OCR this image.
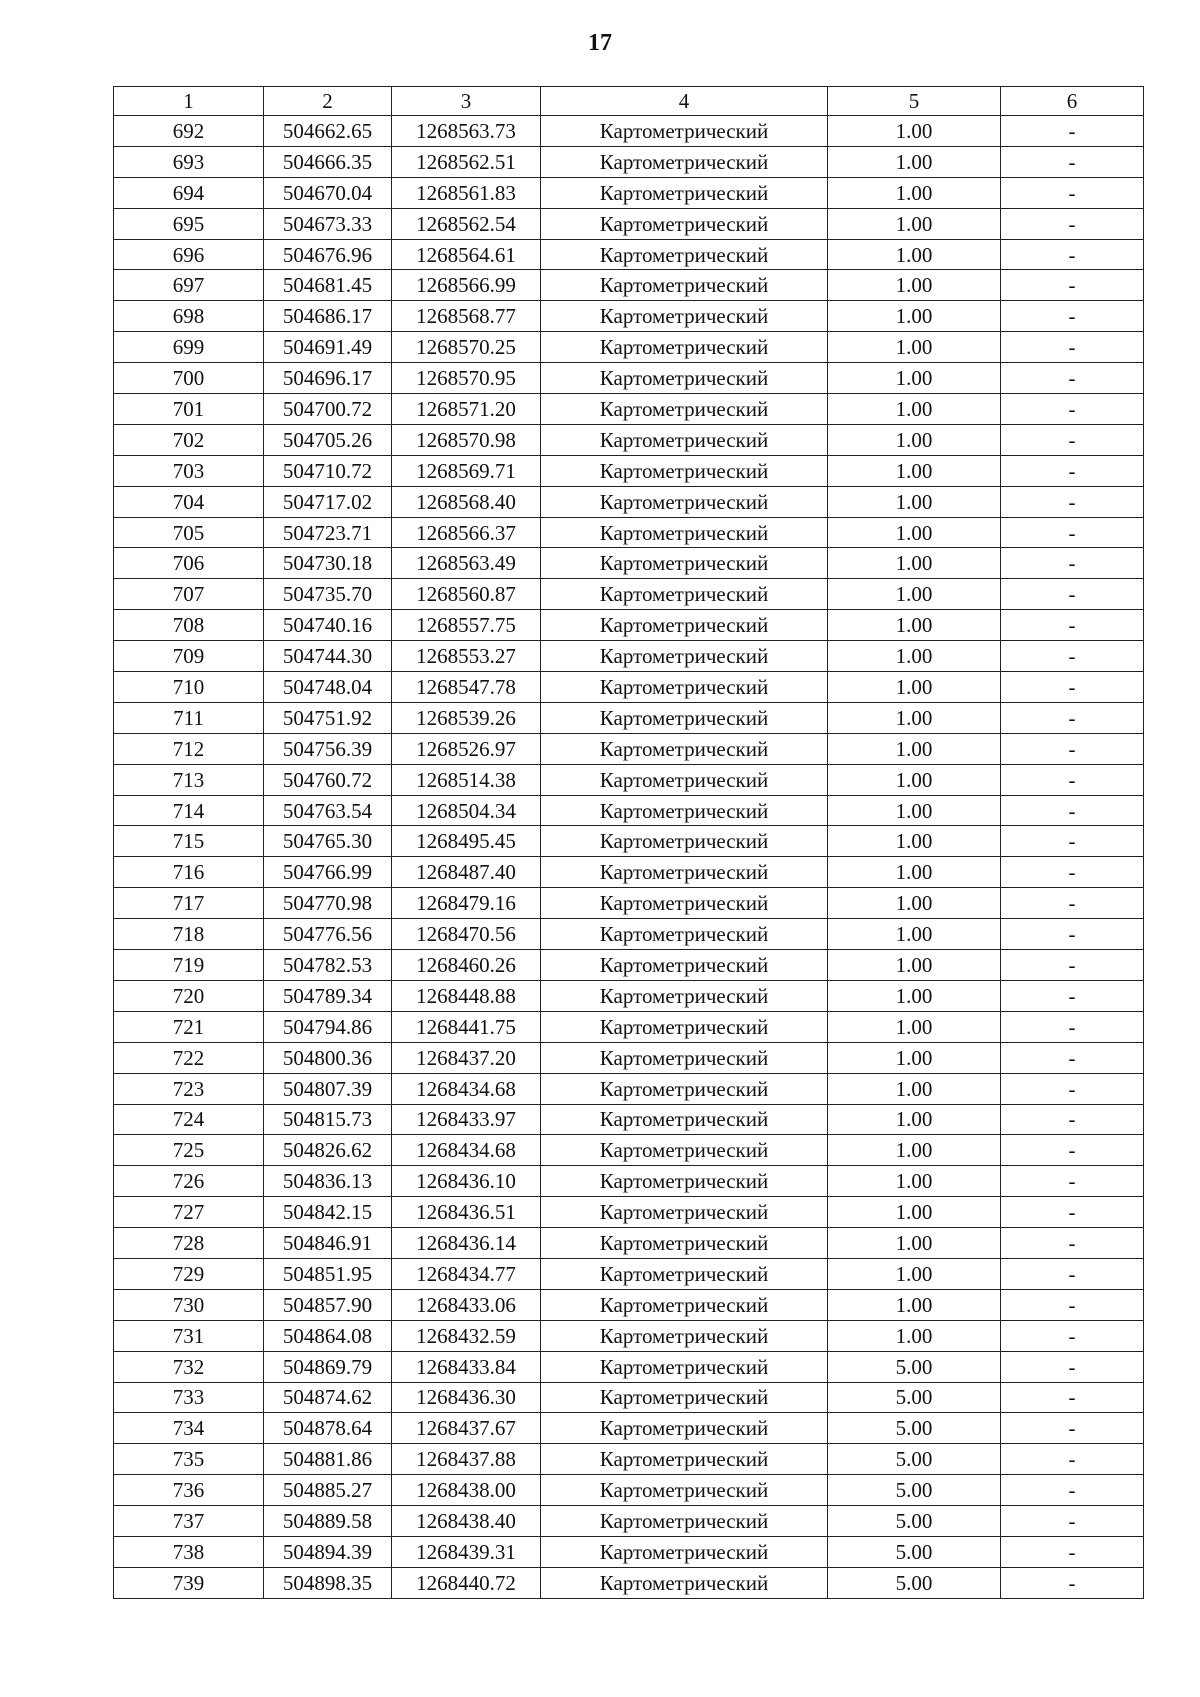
17
1	2	3	4	5	6
692	504662.65	1268563.73	Картометрический	1.00	-
693	504666.35	1268562.51	Картометрический	1.00	-
694	504670.04	1268561.83	Картометрический	1.00	-
695	504673.33	1268562.54	Картометрический	1.00	-
696	504676.96	1268564.61	Картометрический	1.00	-
697	504681.45	1268566.99	Картометрический	1.00	-
698	504686.17	1268568.77	Картометрический	1.00	-
699	504691.49	1268570.25	Картометрический	1.00	-
700	504696.17	1268570.95	Картометрический	1.00	-
701	504700.72	1268571.20	Картометрический	1.00	-
702	504705.26	1268570.98	Картометрический	1.00	-
703	504710.72	1268569.71	Картометрический	1.00	-
704	504717.02	1268568.40	Картометрический	1.00	-
705	504723.71	1268566.37	Картометрический	1.00	-
706	504730.18	1268563.49	Картометрический	1.00	-
707	504735.70	1268560.87	Картометрический	1.00	-
708	504740.16	1268557.75	Картометрический	1.00	-
709	504744.30	1268553.27	Картометрический	1.00	-
710	504748.04	1268547.78	Картометрический	1.00	-
711	504751.92	1268539.26	Картометрический	1.00	-
712	504756.39	1268526.97	Картометрический	1.00	-
713	504760.72	1268514.38	Картометрический	1.00	-
714	504763.54	1268504.34	Картометрический	1.00	-
715	504765.30	1268495.45	Картометрический	1.00	-
716	504766.99	1268487.40	Картометрический	1.00	-
717	504770.98	1268479.16	Картометрический	1.00	-
718	504776.56	1268470.56	Картометрический	1.00	-
719	504782.53	1268460.26	Картометрический	1.00	-
720	504789.34	1268448.88	Картометрический	1.00	-
721	504794.86	1268441.75	Картометрический	1.00	-
722	504800.36	1268437.20	Картометрический	1.00	-
723	504807.39	1268434.68	Картометрический	1.00	-
724	504815.73	1268433.97	Картометрический	1.00	-
725	504826.62	1268434.68	Картометрический	1.00	-
726	504836.13	1268436.10	Картометрический	1.00	-
727	504842.15	1268436.51	Картометрический	1.00	-
728	504846.91	1268436.14	Картометрический	1.00	-
729	504851.95	1268434.77	Картометрический	1.00	-
730	504857.90	1268433.06	Картометрический	1.00	-
731	504864.08	1268432.59	Картометрический	1.00	-
732	504869.79	1268433.84	Картометрический	5.00	-
733	504874.62	1268436.30	Картометрический	5.00	-
734	504878.64	1268437.67	Картометрический	5.00	-
735	504881.86	1268437.88	Картометрический	5.00	-
736	504885.27	1268438.00	Картометрический	5.00	-
737	504889.58	1268438.40	Картометрический	5.00	-
738	504894.39	1268439.31	Картометрический	5.00	-
739	504898.35	1268440.72	Картометрический	5.00	-
